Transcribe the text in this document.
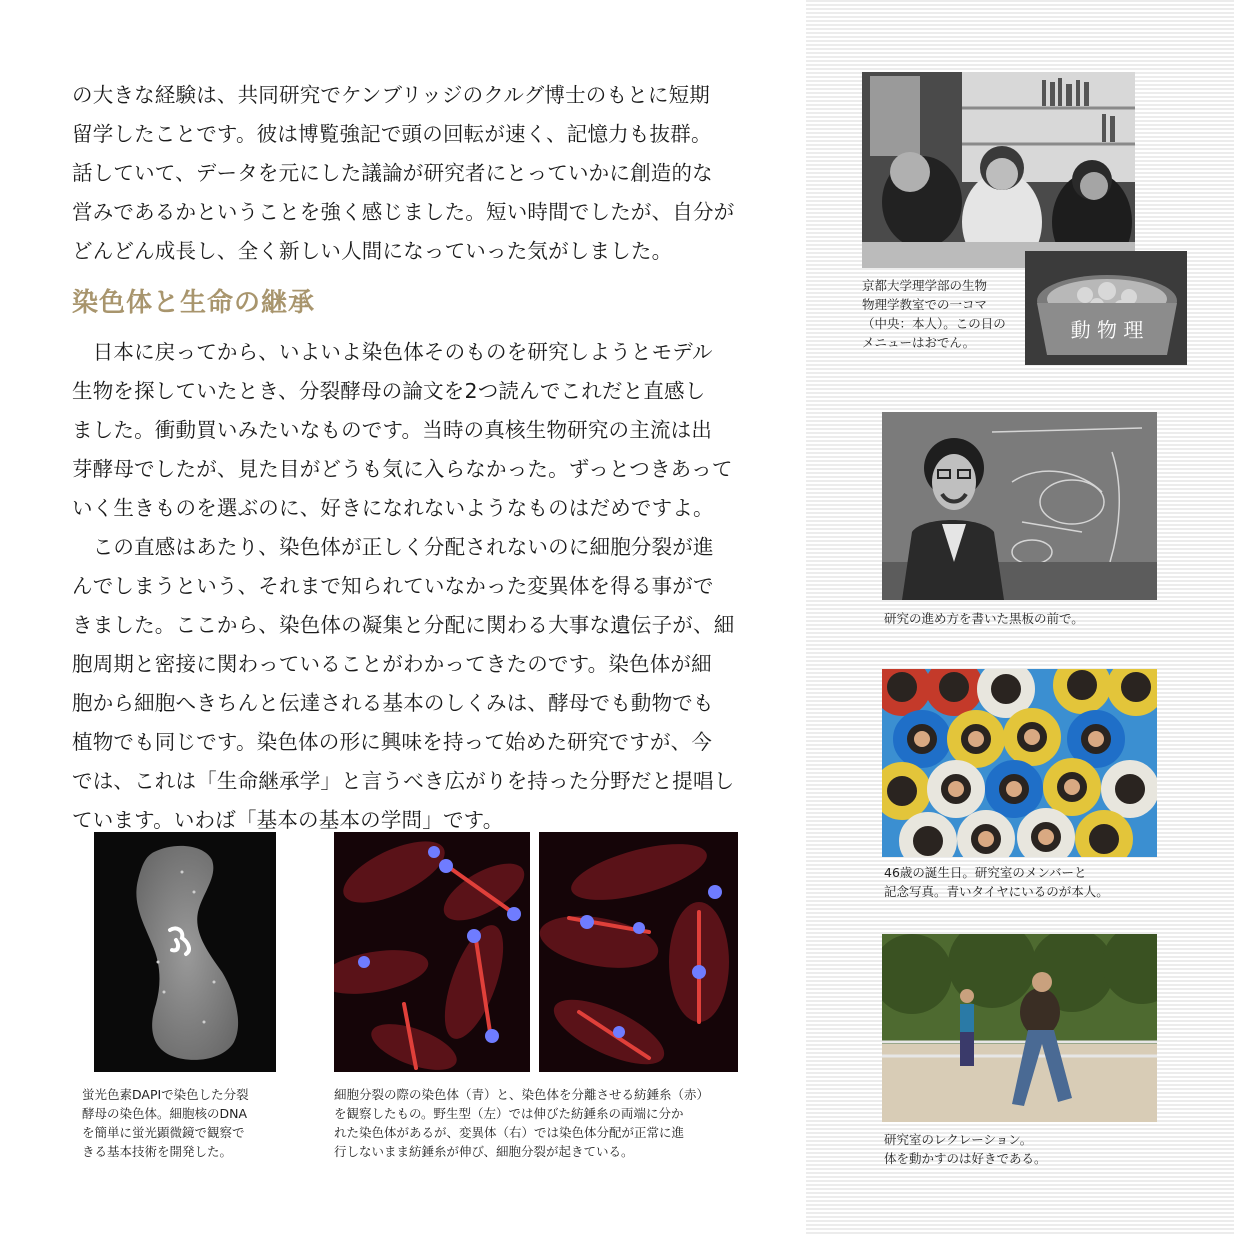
の大きな経験は、共同研究でケンブリッジのクルグ博士のもとに短期
留学したことです。彼は博覧強記で頭の回転が速く、記憶力も抜群。
話していて、データを元にした議論が研究者にとっていかに創造的な
営みであるかということを強く感じました。短い時間でしたが、自分が
どんどん成長し、全く新しい人間になっていった気がしました。
染色体と生命の継承
　日本に戻ってから、いよいよ染色体そのものを研究しようとモデル
生物を探していたとき、分裂酵母の論文を2つ読んでこれだと直感し
ました。衝動買いみたいなものです。当時の真核生物研究の主流は出
芽酵母でしたが、見た目がどうも気に入らなかった。ずっとつきあって
いく生きものを選ぶのに、好きになれないようなものはだめですよ。
　この直感はあたり、染色体が正しく分配されないのに細胞分裂が進
んでしまうという、それまで知られていなかった変異体を得る事がで
きました。ここから、染色体の凝集と分配に関わる大事な遺伝子が、細
胞周期と密接に関わっていることがわかってきたのです。染色体が細
胞から細胞へきちんと伝達される基本のしくみは、酵母でも動物でも
植物でも同じです。染色体の形に興味を持って始めた研究ですが、今
では、これは「生命継承学」と言うべき広がりを持った分野だと提唱し
ています。いわば「基本の基本の学問」です。
蛍光色素DAPIで染色した分裂
酵母の染色体。細胞核のDNA
を簡単に蛍光顕微鏡で観察で
きる基本技術を開発した。
細胞分裂の際の染色体（青）と、染色体を分離させる紡錘糸（赤）
を観察したもの。野生型（左）では伸びた紡錘糸の両端に分か
れた染色体があるが、変異体（右）では染色体分配が正常に進
行しないまま紡錘糸が伸び、細胞分裂が起きている。
動 物 理
京都大学理学部の生物
物理学教室での一コマ
（中央：本人）。この日の
メニューはおでん。
研究の進め方を書いた黒板の前で。
46歳の誕生日。研究室のメンバーと
記念写真。青いタイヤにいるのが本人。
研究室のレクレーション。
体を動かすのは好きである。
